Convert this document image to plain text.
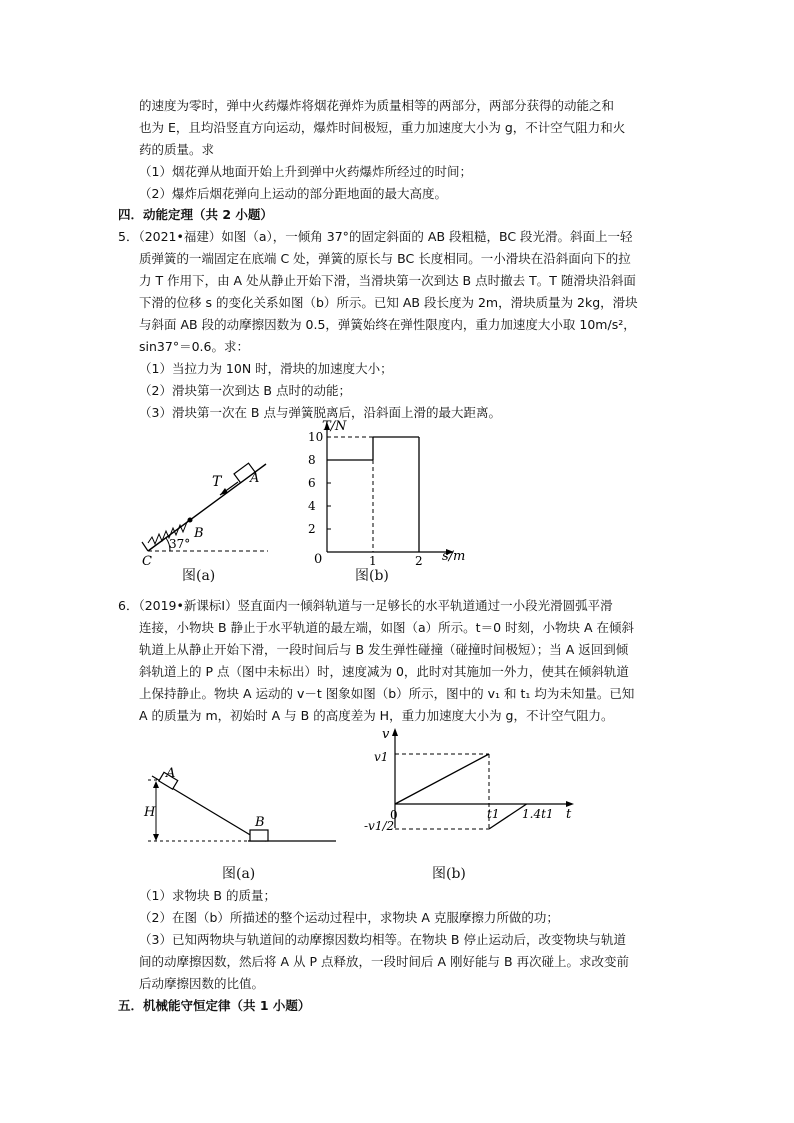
的速度为零时，弹中火药爆炸将烟花弹炸为质量相等的两部分，两部分获得的动能之和
也为 E，且均沿竖直方向运动，爆炸时间极短，重力加速度大小为 g，不计空气阻力和火
药的质量。求
（1）烟花弹从地面开始上升到弹中火药爆炸所经过的时间；
（2）爆炸后烟花弹向上运动的部分距地面的最大高度。
四．动能定理（共 2 小题）
5．（2021•福建）如图（a），一倾角 37°的固定斜面的 AB 段粗糙，BC 段光滑。斜面上一轻
质弹簧的一端固定在底端 C 处，弹簧的原长与 BC 长度相同。一小滑块在沿斜面向下的拉
力 T 作用下，由 A 处从静止开始下滑，当滑块第一次到达 B 点时撤去 T。T 随滑块沿斜面
下滑的位移 s 的变化关系如图（b）所示。已知 AB 段长度为 2m，滑块质量为 2kg，滑块
与斜面 AB 段的动摩擦因数为 0.5，弹簧始终在弹性限度内，重力加速度大小取 10m/s²，
sin37°＝0.6。求：
（1）当拉力为 10N 时，滑块的加速度大小；
（2）滑块第一次到达 B 点时的动能；
（3）滑块第一次在 B 点与弹簧脱离后，沿斜面上滑的最大距离。
T A
B
C
37°
图(a)
2
4
6
8
10
1	2
T/N
s/m
0
图(b)
6．（2019•新课标Ⅰ）竖直面内一倾斜轨道与一足够长的水平轨道通过一小段光滑圆弧平滑
连接，小物块 B 静止于水平轨道的最左端，如图（a）所示。t＝0 时刻，小物块 A 在倾斜
轨道上从静止开始下滑，一段时间后与 B 发生弹性碰撞（碰撞时间极短）；当 A 返回到倾
斜轨道上的 P 点（图中未标出）时，速度减为 0，此时对其施加一外力，使其在倾斜轨道
上保持静止。物块 A 运动的 v－t 图象如图（b）所示，图中的 v₁ 和 t₁ 均为未知量。已知
A 的质量为 m，初始时 A 与 B 的高度差为 H，重力加速度大小为 g，不计空气阻力。
A
H
B
图(a)
v
t
0
v1
-v1/2
t1 1.4t1
图(b)
（1）求物块 B 的质量；
（2）在图（b）所描述的整个运动过程中，求物块 A 克服摩擦力所做的功；
（3）已知两物块与轨道间的动摩擦因数均相等。在物块 B 停止运动后，改变物块与轨道
间的动摩擦因数，然后将 A 从 P 点释放，一段时间后 A 刚好能与 B 再次碰上。求改变前
后动摩擦因数的比值。
五．机械能守恒定律（共 1 小题）
